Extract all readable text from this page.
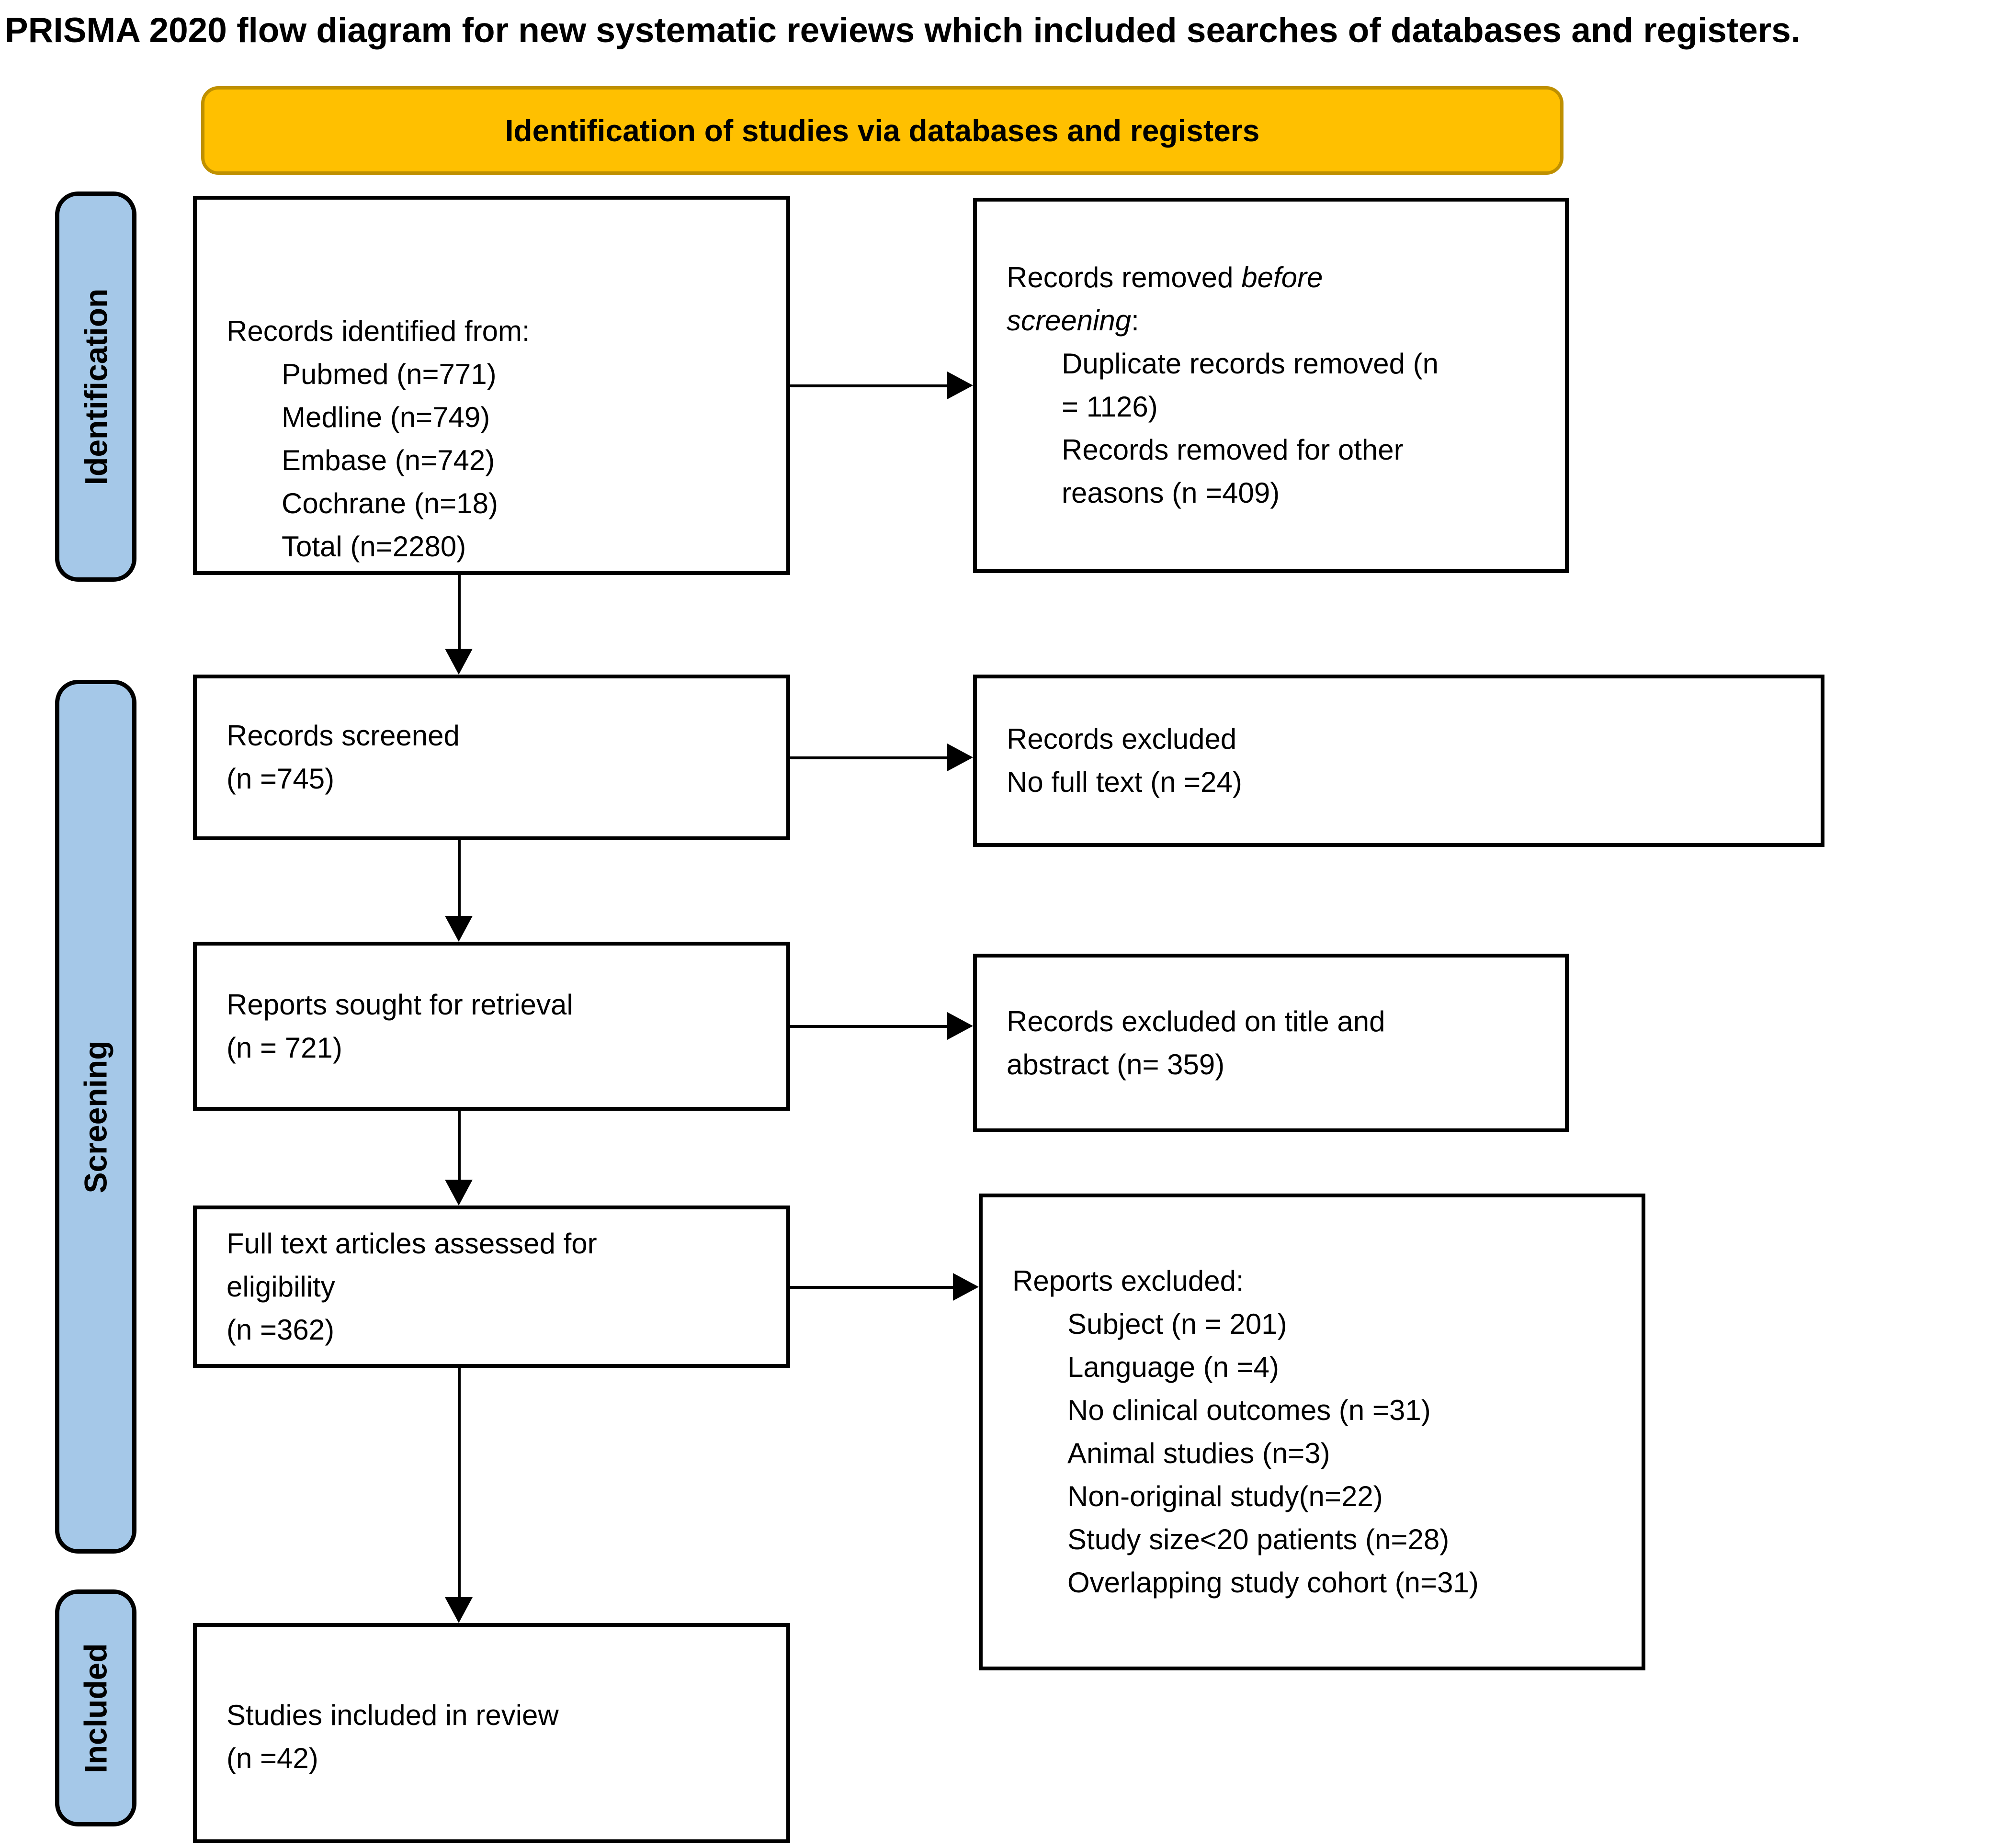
PRISMA 2020 flow diagram for new systematic reviews which included searches of databases and registers.
Identification of studies via databases and registers
Identification
Screening
Included
Records identified from:
Pubmed (n=771)
Medline (n=749)
Embase (n=742)
Cochrane (n=18)
Total (n=2280)
Records screened
(n =745)
Reports sought for retrieval
(n = 721)
Full text articles assessed for
eligibility
(n =362)
Studies included in review
(n =42)
Records removed before
screening:
Duplicate records removed (n
= 1126)
Records removed for other
reasons (n =409)
Records excluded
No full text (n =24)
Records excluded on title and
abstract (n= 359)
Reports excluded:
Subject (n = 201)
Language (n =4)
No clinical outcomes (n =31)
Animal studies (n=3)
Non-original study(n=22)
Study size<20 patients (n=28)
Overlapping study cohort (n=31)
